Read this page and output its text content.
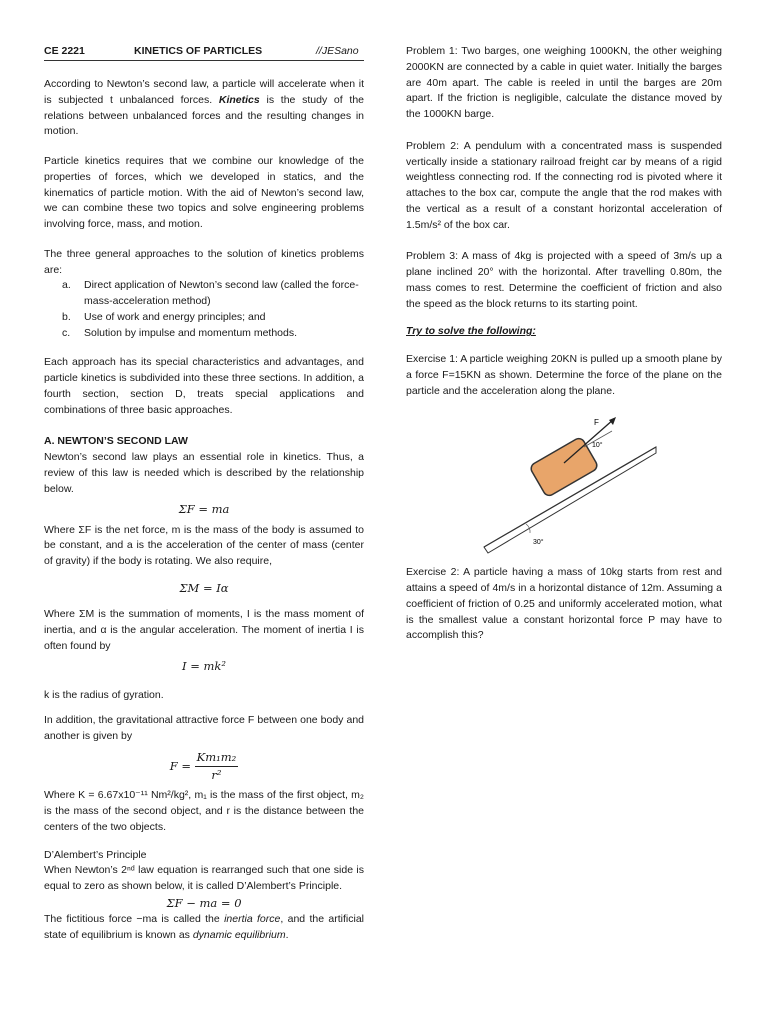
CE 2221	KINETICS OF PARTICLES	//JESano

According to Newton’s second law, a particle will accelerate when it is subjected t unbalanced forces. Kinetics is the study of the relations between unbalanced forces and the resulting changes in motion.

Particle kinetics requires that we combine our knowledge of the properties of forces, which we developed in statics, and the kinematics of particle motion. With the aid of Newton’s second law, we can combine these two topics and solve engineering problems involving force, mass, and motion.

The three general approaches to the solution of kinetics problems are:

a. Direct application of Newton’s second law (called the force-mass-acceleration method)
b. Use of work and energy principles; and
c. Solution by impulse and momentum methods.

Each approach has its special characteristics and advantages, and particle kinetics is subdivided into these three sections. In addition, a fourth section, section D, treats special applications and combinations of three basic approaches.

A. NEWTON’S SECOND LAW

Newton’s second law plays an essential role in kinetics. Thus, a review of this law is needed which is described by the relationship below.

ΣF = ma

Where ΣF is the net force, m is the mass of the body is assumed to be constant, and a is the acceleration of the center of mass (center of gravity) if the body is rotating. We also require,

ΣM = Iα

Where ΣM is the summation of moments, I is the mass moment of inertia, and α is the angular acceleration. The moment of inertia I is often found by

I = mk²

k is the radius of gyration.

In addition, the gravitational attractive force F between one body and another is given by

$F = \frac{\text{Km₁m₂}}{\text{r²}}$

Where K = 6.67x10⁻¹¹ Nm²/kg², m₁ is the mass of the first object, m₂ is the mass of the second object, and r is the distance between the centers of the two objects.

D’Alembert’s Principle

When Newton’s 2ⁿᵈ law equation is rearranged such that one side is equal to zero as shown below, it is called D’Alembert’s Principle.

ΣF − ma = 0

The fictitious force −ma is called the inertia force, and the artificial state of equilibrium is known as dynamic equilibrium.

Problem 1: Two barges, one weighing 1000KN, the other weighing 2000KN are connected by a cable in quiet water. Initially the barges are 40m apart. The cable is reeled in until the barges are 20m apart. If the friction is negligible, calculate the distance moved by the 1000KN barge.

Problem 2: A pendulum with a concentrated mass is suspended vertically inside a stationary railroad freight car by means of a rigid weightless connecting rod. If the connecting rod is pivoted where it attaches to the box car, compute the angle that the rod makes with the vertical as a result of a constant horizontal acceleration of 1.5m/s² of the box car.

Problem 3: A mass of 4kg is projected with a speed of 3m/s up a plane inclined 20° with the horizontal. After travelling 0.80m, the mass comes to rest. Determine the coefficient of friction and also the speed as the block returns to its starting point.

Try to solve the following:

Exercise 1: A particle weighing 20KN is pulled up a smooth plane by a force F=15KN as shown. Determine the force of the plane on the particle and the acceleration along the plane.

F
10°
30°

Exercise 2: A particle having a mass of 10kg starts from rest and attains a speed of 4m/s in a horizontal distance of 12m. Assuming a coefficient of friction of 0.25 and uniformly accelerated motion, what is the smallest value a constant horizontal force P may have to accomplish this?
